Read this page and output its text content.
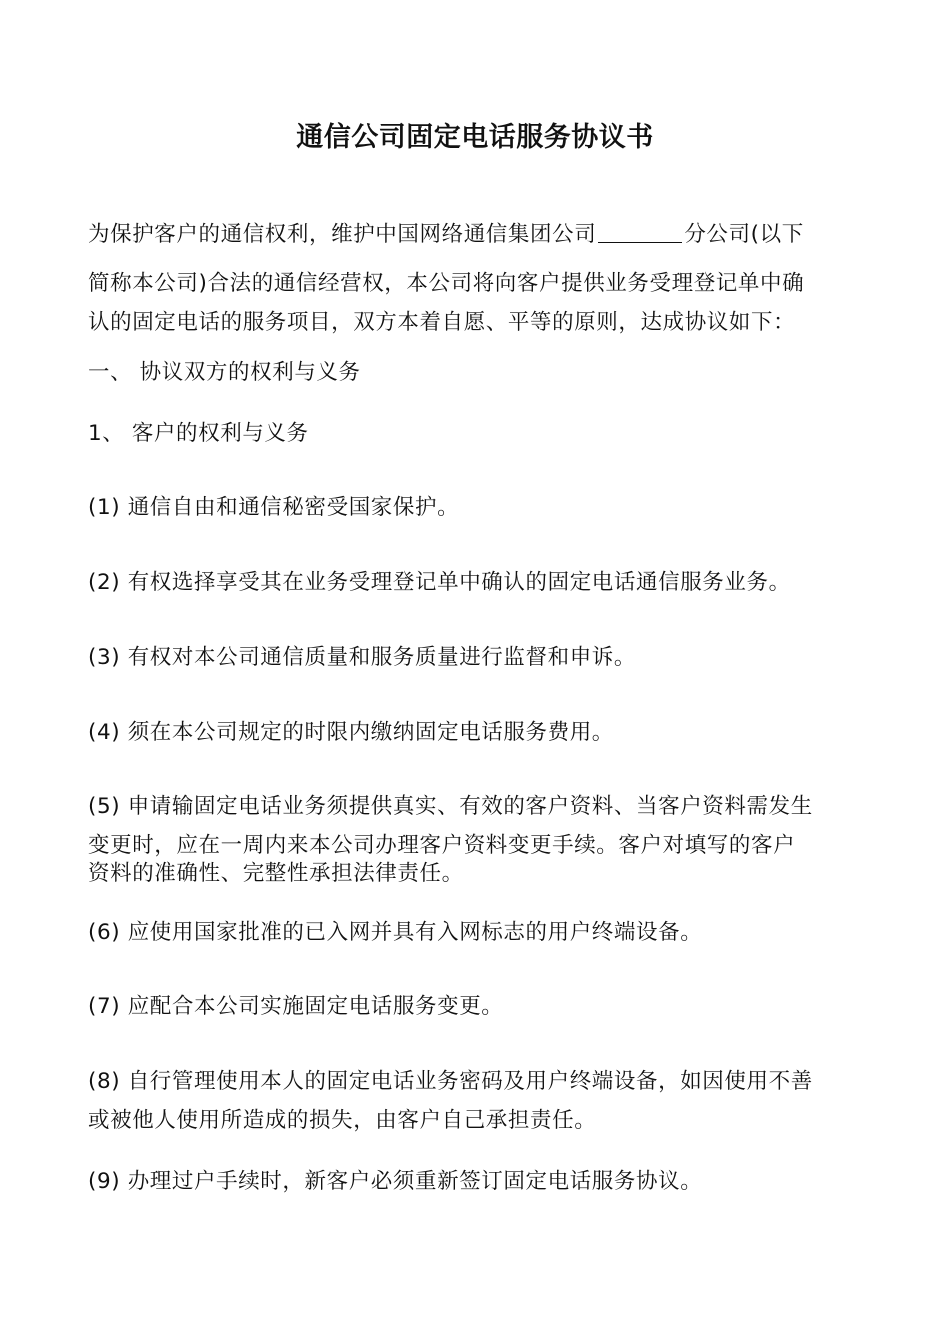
通信公司固定电话服务协议书
为保护客户的通信权利，维护中国网络通信集团公司	分公司(以下
简称本公司)合法的通信经营权，本公司将向客户提供业务受理登记单中确
认的固定电话的服务项目，双方本着自愿、平等的原则，达成协议如下：
一、 协议双方的权利与义务
1、 客户的权利与义务
(1) 通信自由和通信秘密受国家保护。
(2) 有权选择享受其在业务受理登记单中确认的固定电话通信服务业务。
(3) 有权对本公司通信质量和服务质量进行监督和申诉。
(4) 须在本公司规定的时限内缴纳固定电话服务费用。
(5) 申请输固定电话业务须提供真实、有效的客户资料、当客户资料需发生
变更时，应在一周内来本公司办理客户资料变更手续。客户对填写的客户
资料的准确性、完整性承担法律责任。
(6) 应使用国家批准的已入网并具有入网标志的用户终端设备。
(7) 应配合本公司实施固定电话服务变更。
(8) 自行管理使用本人的固定电话业务密码及用户终端设备，如因使用不善
或被他人使用所造成的损失，由客户自己承担责任。
(9) 办理过户手续时，新客户必须重新签订固定电话服务协议。
